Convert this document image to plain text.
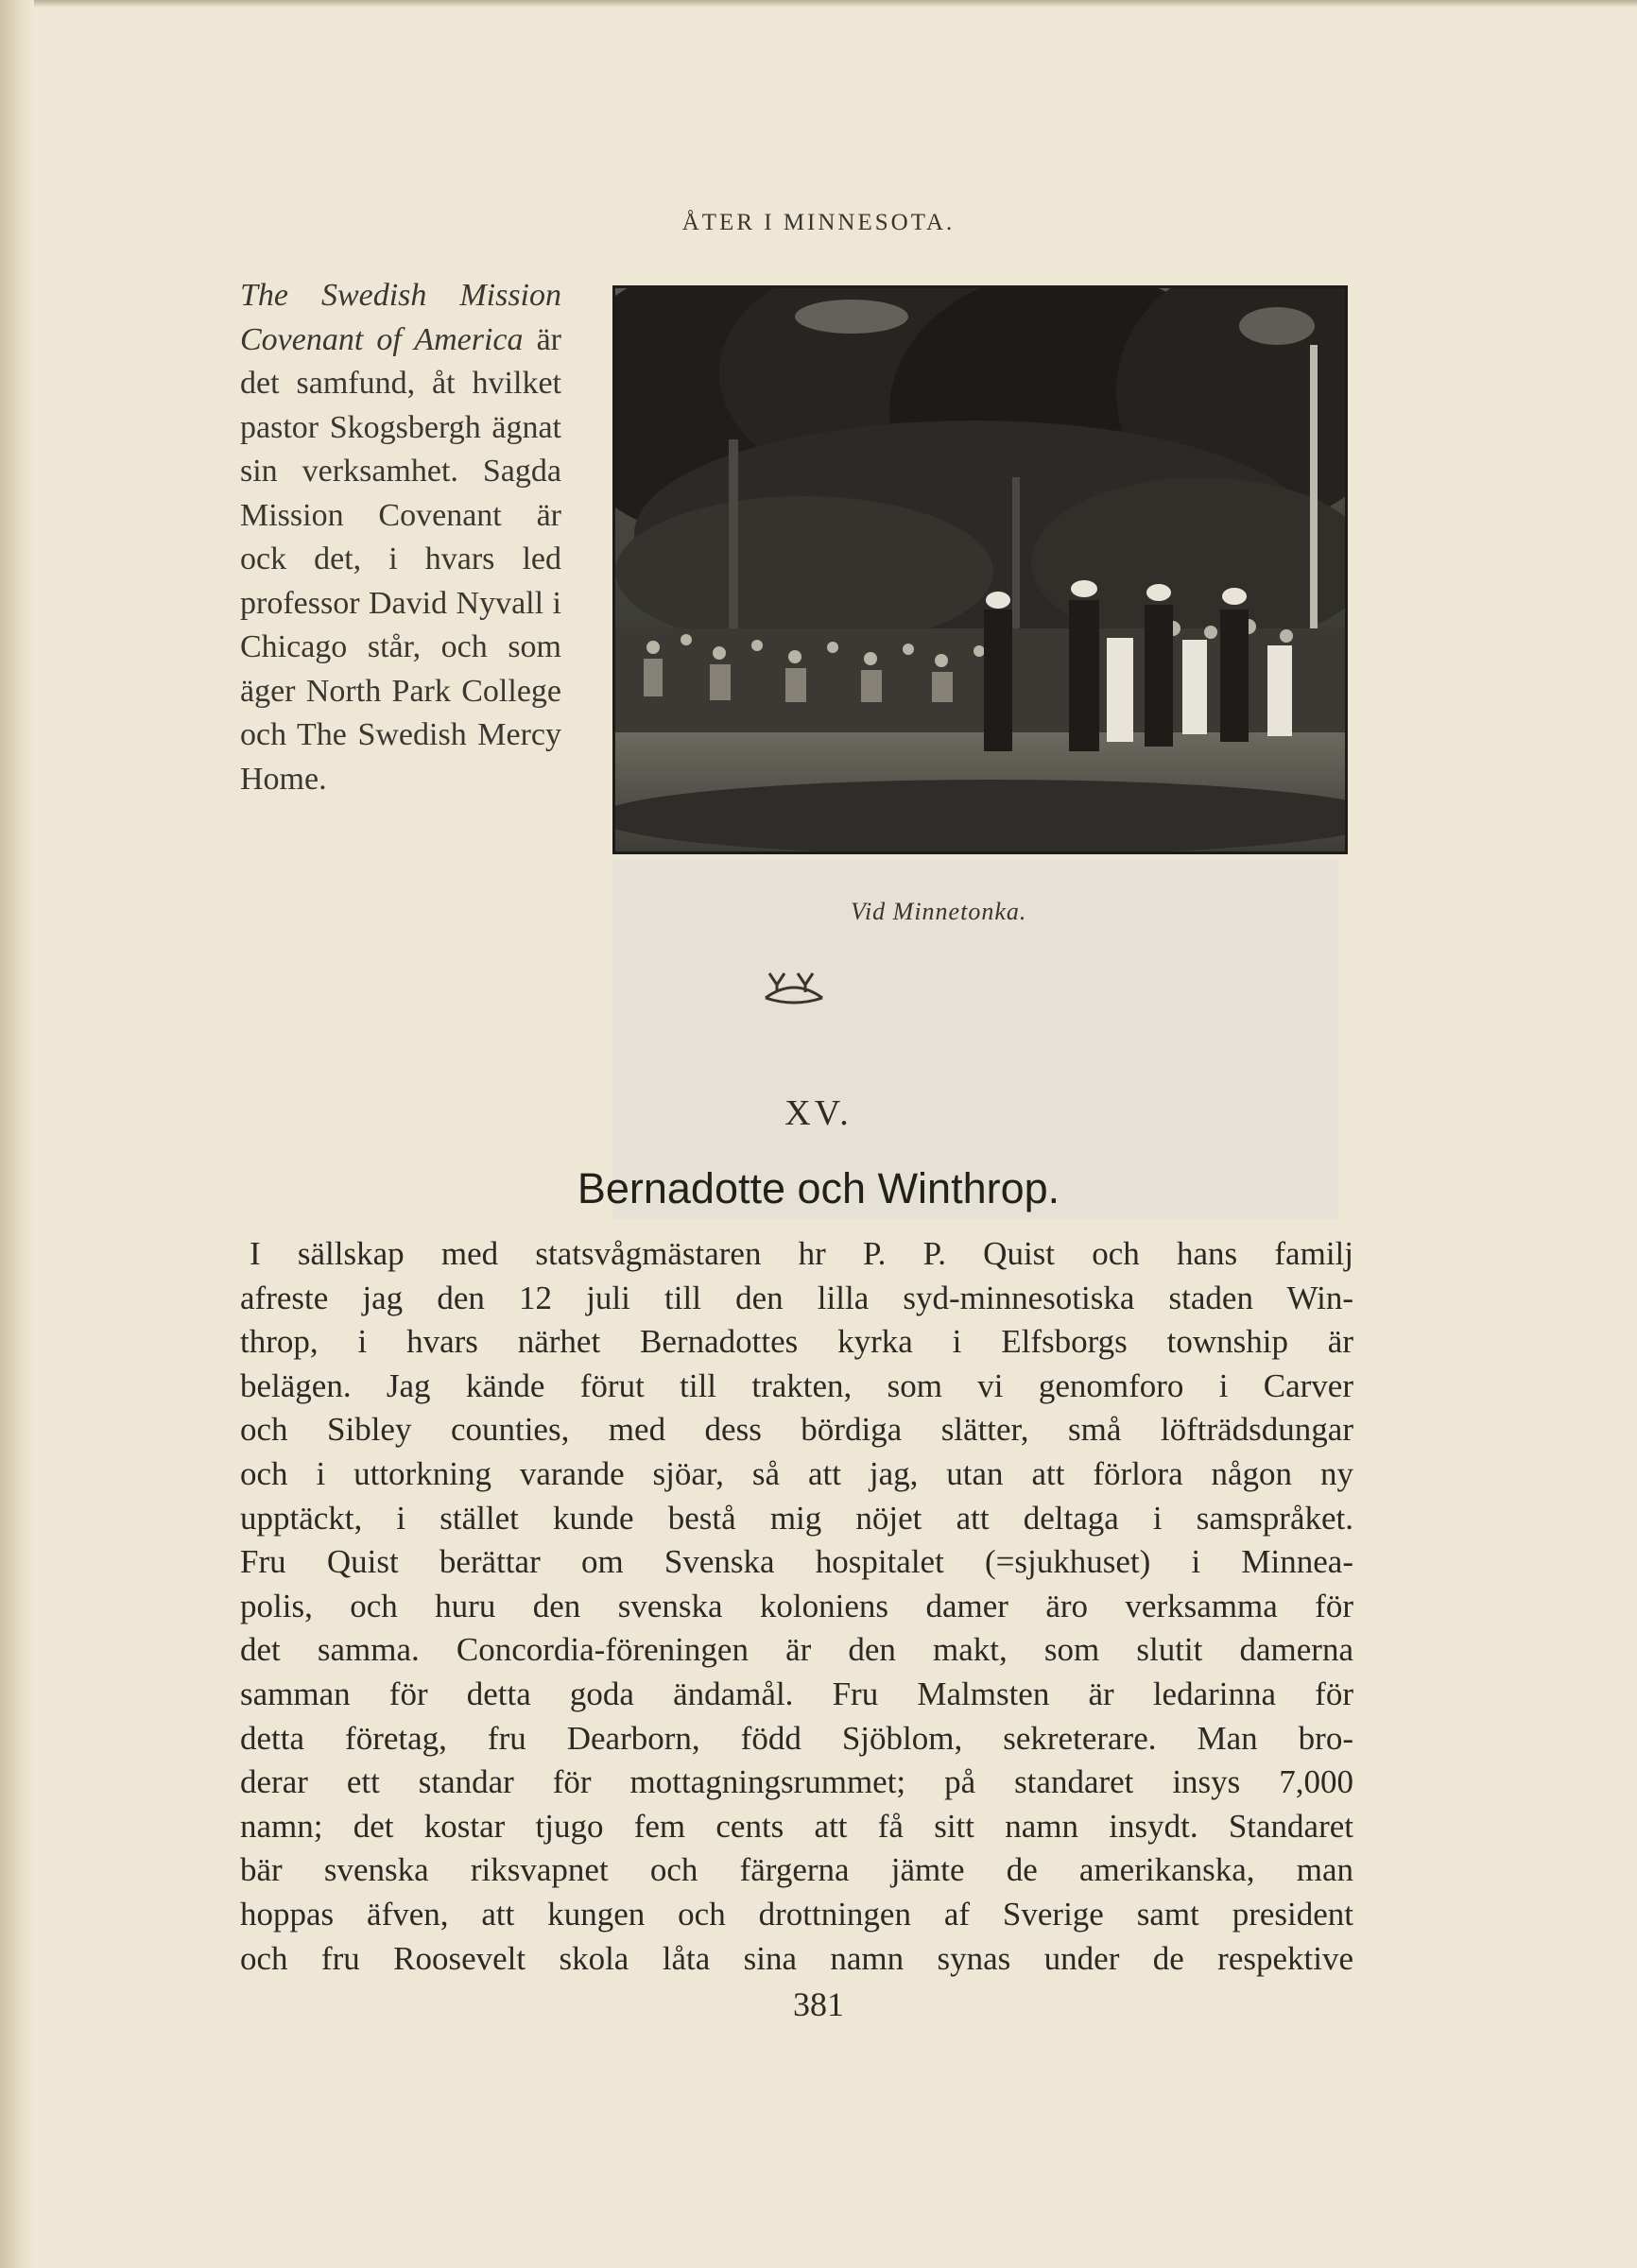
ÅTER I MINNESOTA.
The Swedish Mission Covenant of America är det samfund, åt hvilket pastor Skogsbergh ägnat sin verksamhet. Sagda Mission Covenant är ock det, i hvars led professor David Nyvall i Chicago står, och som äger North Park College och The Swedish Mercy Home.
Vid Minnetonka.
XV.
Bernadotte och Winthrop.
I sällskap med statsvågmästaren hr P. P. Quist och hans familj
afreste jag den 12 juli till den lilla syd-minnesotiska staden Win-
throp, i hvars närhet Bernadottes kyrka i Elfsborgs township är
belägen. Jag kände förut till trakten, som vi genomforo i Carver
och Sibley counties, med dess bördiga slätter, små löfträdsdungar
och i uttorkning varande sjöar, så att jag, utan att förlora någon ny
upptäckt, i stället kunde bestå mig nöjet att deltaga i samspråket.
Fru Quist berättar om Svenska hospitalet (=sjukhuset) i Minnea-
polis, och huru den svenska koloniens damer äro verksamma för
det samma. Concordia-föreningen är den makt, som slutit damerna
samman för detta goda ändamål. Fru Malmsten är ledarinna för
detta företag, fru Dearborn, född Sjöblom, sekreterare. Man bro-
derar ett standar för mottagningsrummet; på standaret insys 7,000
namn; det kostar tjugo fem cents att få sitt namn insydt. Standaret
bär svenska riksvapnet och färgerna jämte de amerikanska, man
hoppas äfven, att kungen och drottningen af Sverige samt president
och fru Roosevelt skola låta sina namn synas under de respektive
381
